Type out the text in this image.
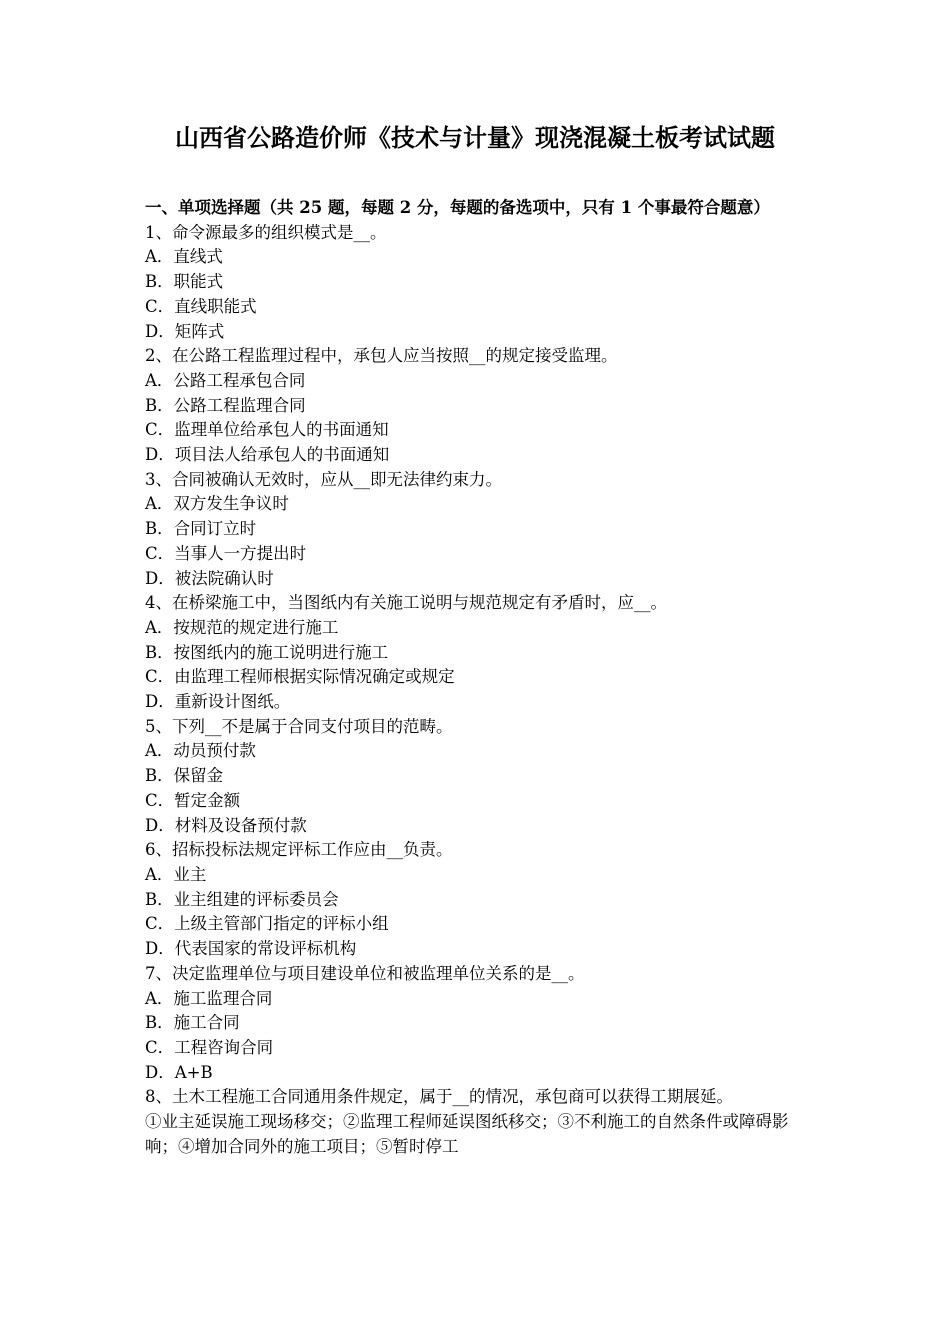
山西省公路造价师《技术与计量》现浇混凝土板考试试题

一、单项选择题（共 25 题，每题 2 分，每题的备选项中，只有 1 个事最符合题意）

1、命令源最多的组织模式是__。

A．直线式

B．职能式

C．直线职能式

D．矩阵式

2、在公路工程监理过程中，承包人应当按照__的规定接受监理。

A．公路工程承包合同

B．公路工程监理合同

C．监理单位给承包人的书面通知

D．项目法人给承包人的书面通知

3、合同被确认无效时，应从__即无法律约束力。

A．双方发生争议时

B．合同订立时

C．当事人一方提出时

D．被法院确认时

4、在桥梁施工中，当图纸内有关施工说明与规范规定有矛盾时，应__。

A．按规范的规定进行施工

B．按图纸内的施工说明进行施工

C．由监理工程师根据实际情况确定或规定

D．重新设计图纸。

5、下列__不是属于合同支付项目的范畴。

A．动员预付款

B．保留金

C．暂定金额

D．材料及设备预付款

6、招标投标法规定评标工作应由__负责。

A．业主

B．业主组建的评标委员会

C．上级主管部门指定的评标小组

D．代表国家的常设评标机构

7、决定监理单位与项目建设单位和被监理单位关系的是__。

A．施工监理合同

B．施工合同

C．工程咨询合同

D．A+B

8、土木工程施工合同通用条件规定，属于__的情况，承包商可以获得工期展延。

①业主延误施工现场移交；②监理工程师延误图纸移交；③不利施工的自然条件或障碍影响；④增加合同外的施工项目；⑤暂时停工
